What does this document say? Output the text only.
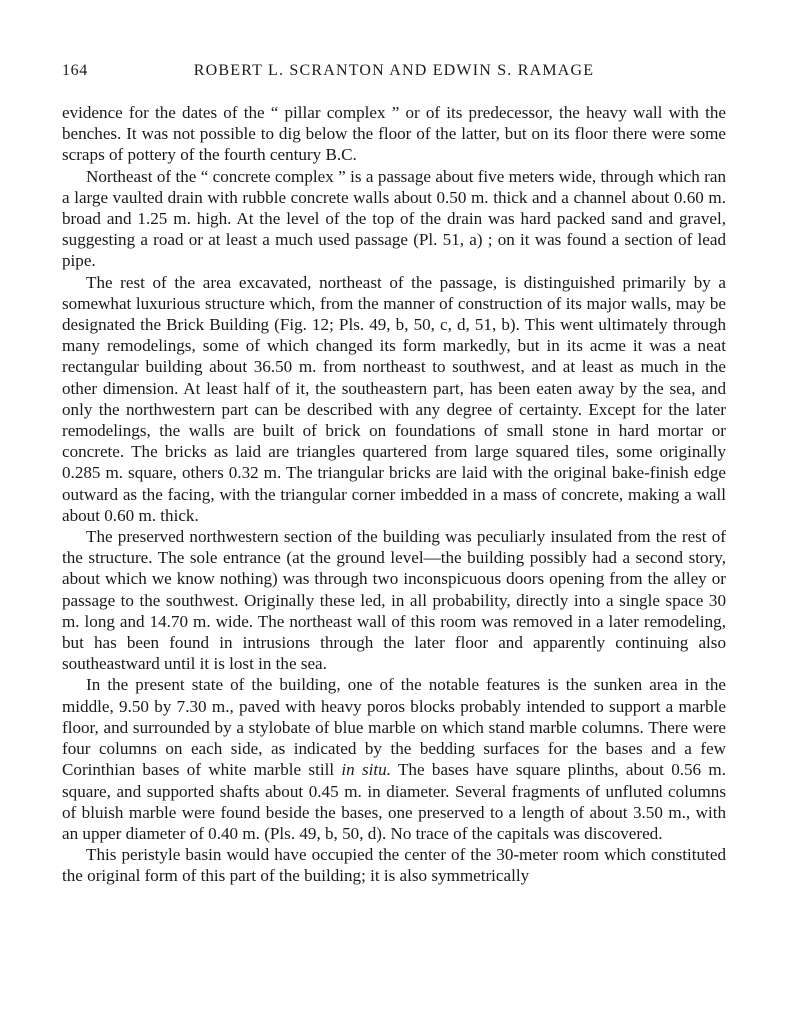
164	ROBERT L. SCRANTON AND EDWIN S. RAMAGE

evidence for the dates of the “ pillar complex ” or of its predecessor, the heavy wall with the benches. It was not possible to dig below the floor of the latter, but on its floor there were some scraps of pottery of the fourth century B.C.

Northeast of the “ concrete complex ” is a passage about five meters wide, through which ran a large vaulted drain with rubble concrete walls about 0.50 m. thick and a channel about 0.60 m. broad and 1.25 m. high. At the level of the top of the drain was hard packed sand and gravel, suggesting a road or at least a much used passage (Pl. 51, a) ; on it was found a section of lead pipe.

The rest of the area excavated, northeast of the passage, is distinguished primarily by a somewhat luxurious structure which, from the manner of construction of its major walls, may be designated the Brick Building (Fig. 12; Pls. 49, b, 50, c, d, 51, b). This went ultimately through many remodelings, some of which changed its form markedly, but in its acme it was a neat rectangular building about 36.50 m. from northeast to southwest, and at least as much in the other dimension. At least half of it, the southeastern part, has been eaten away by the sea, and only the northwestern part can be described with any degree of certainty. Except for the later remodelings, the walls are built of brick on foundations of small stone in hard mortar or concrete. The bricks as laid are triangles quartered from large squared tiles, some originally 0.285 m. square, others 0.32 m. The triangular bricks are laid with the original bake-finish edge outward as the facing, with the triangular corner imbedded in a mass of concrete, making a wall about 0.60 m. thick.

The preserved northwestern section of the building was peculiarly insulated from the rest of the structure. The sole entrance (at the ground level—the building possibly had a second story, about which we know nothing) was through two inconspicuous doors opening from the alley or passage to the southwest. Originally these led, in all probability, directly into a single space 30 m. long and 14.70 m. wide. The northeast wall of this room was removed in a later remodeling, but has been found in intrusions through the later floor and apparently continuing also southeastward until it is lost in the sea.

In the present state of the building, one of the notable features is the sunken area in the middle, 9.50 by 7.30 m., paved with heavy poros blocks probably intended to support a marble floor, and surrounded by a stylobate of blue marble on which stand marble columns. There were four columns on each side, as indicated by the bedding surfaces for the bases and a few Corinthian bases of white marble still in situ. The bases have square plinths, about 0.56 m. square, and supported shafts about 0.45 m. in diameter. Several fragments of unfluted columns of bluish marble were found beside the bases, one preserved to a length of about 3.50 m., with an upper diameter of 0.40 m. (Pls. 49, b, 50, d). No trace of the capitals was discovered.

This peristyle basin would have occupied the center of the 30-meter room which constituted the original form of this part of the building; it is also symmetrically
